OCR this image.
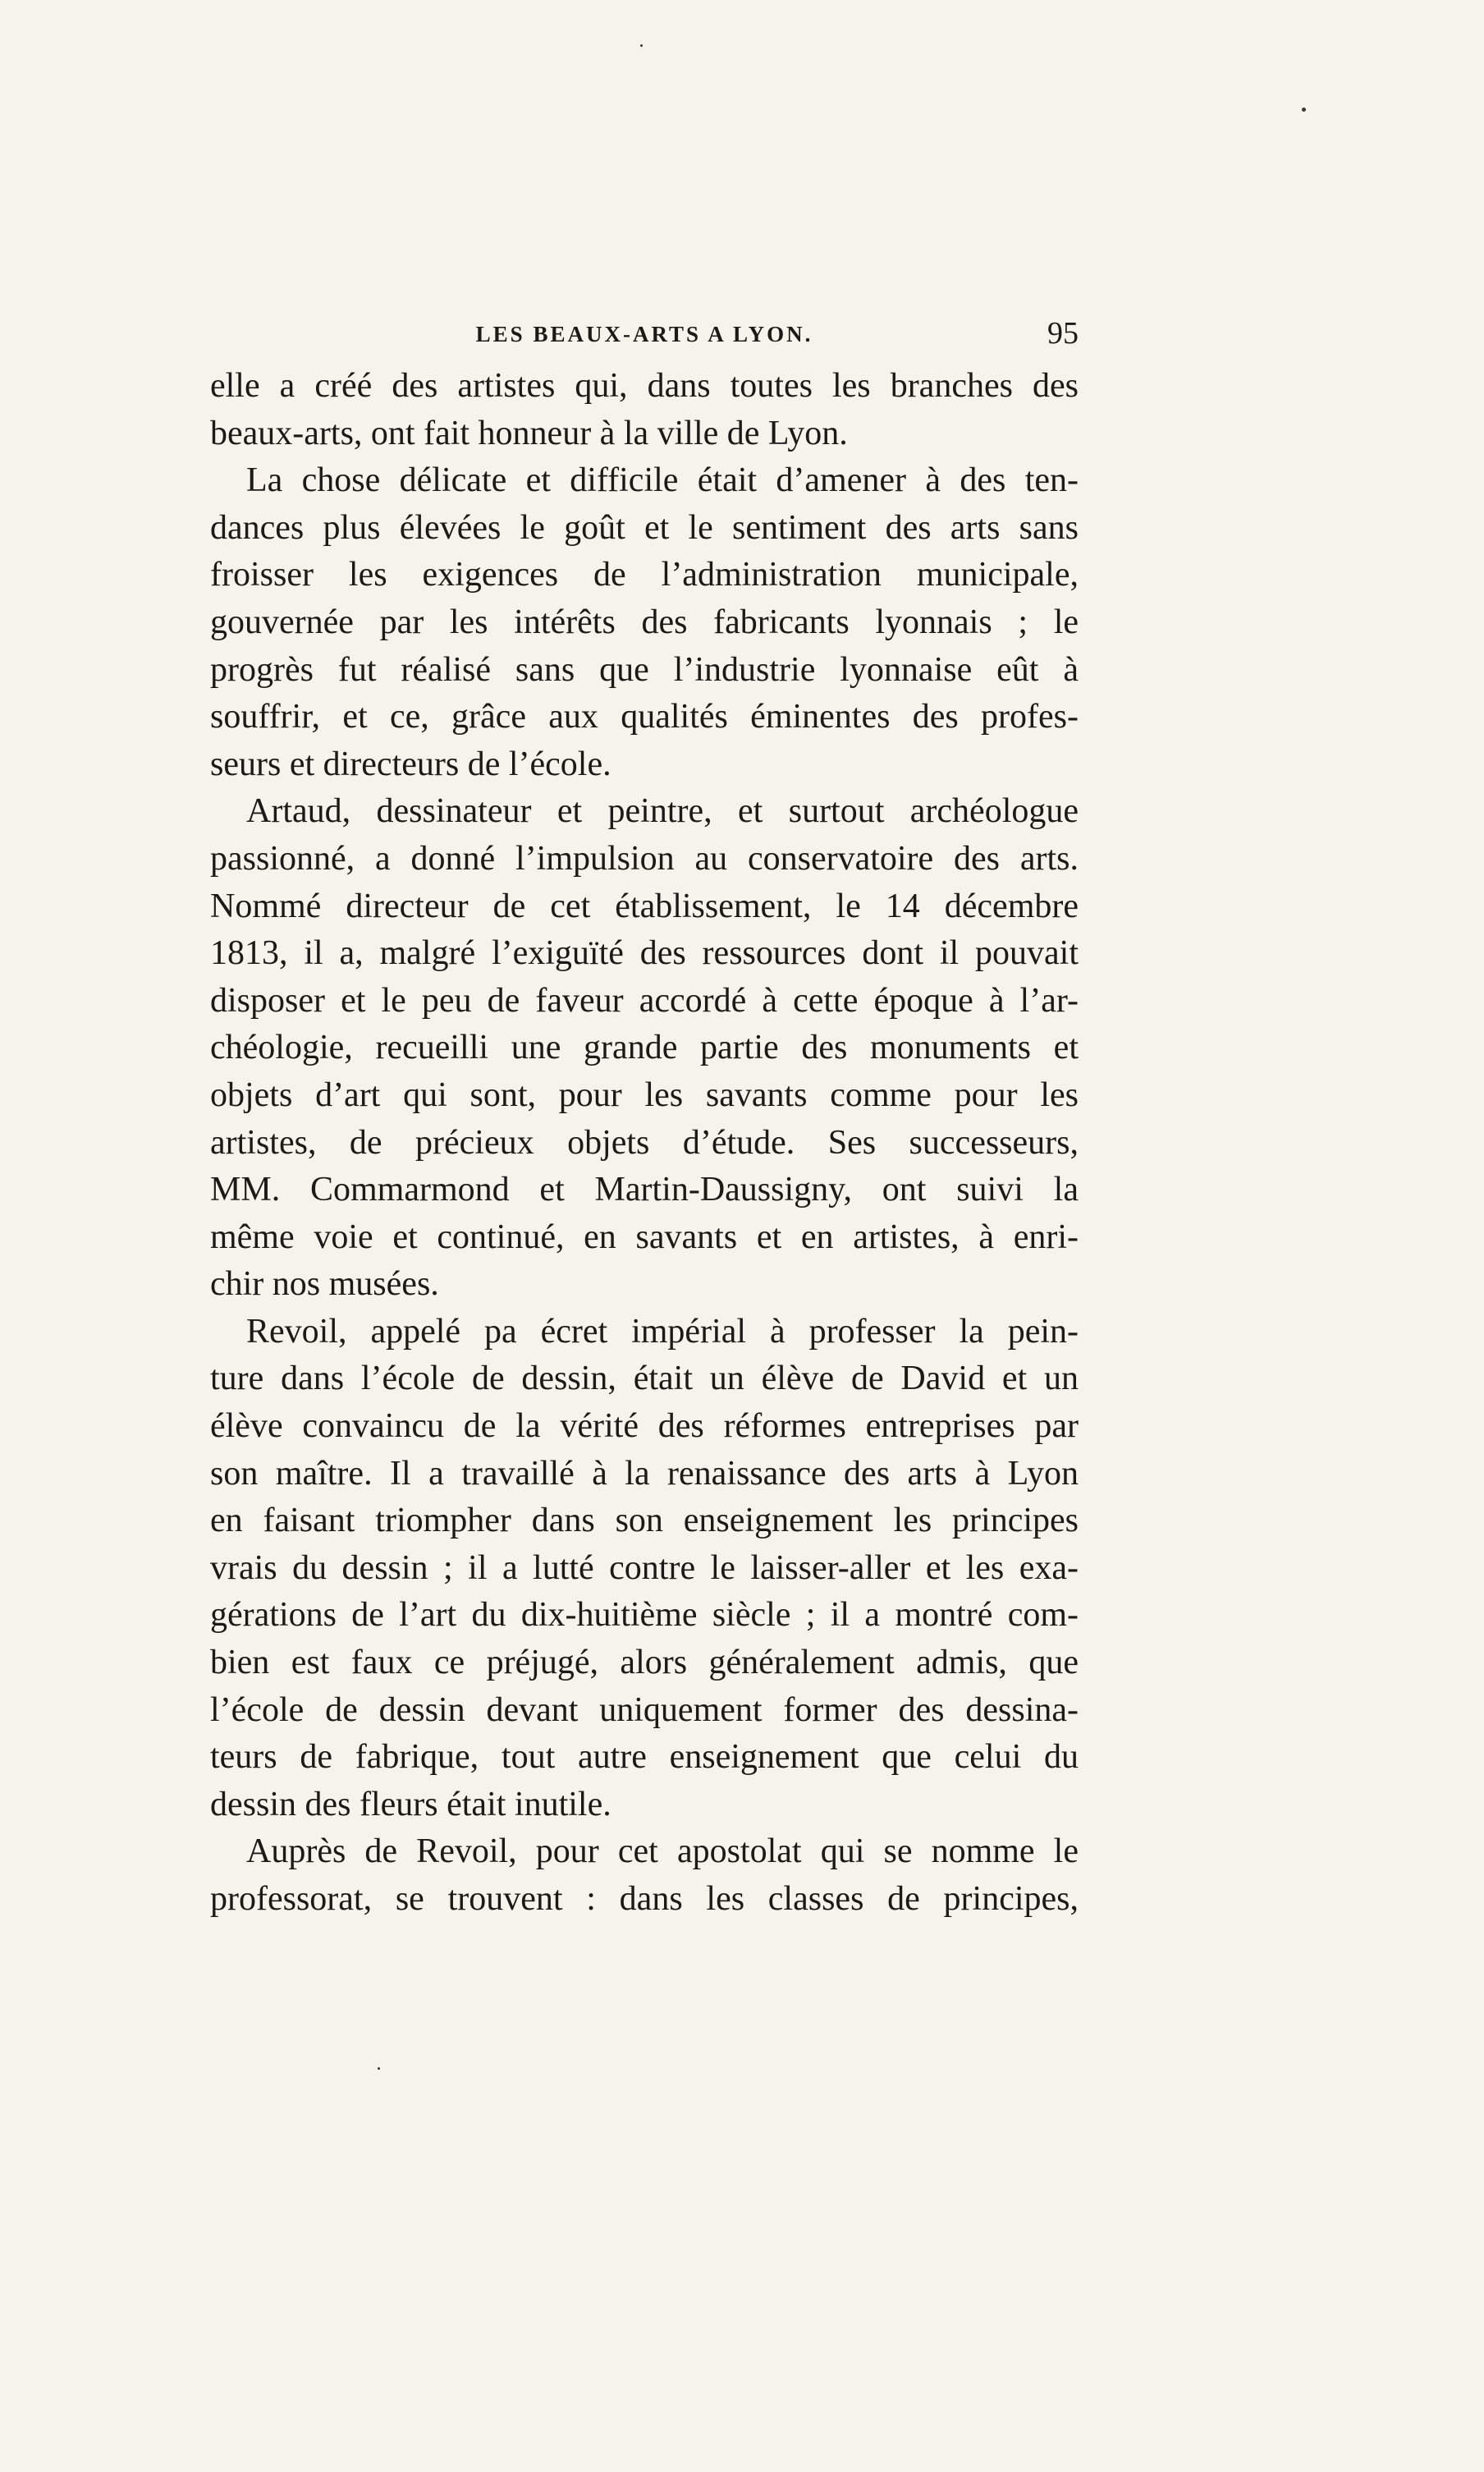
LES BEAUX-ARTS A LYON.	95
elle a créé des artistes qui, dans toutes les branches des
beaux-arts, ont fait honneur à la ville de Lyon.
La chose délicate et difficile était d’amener à des ten-
dances plus élevées le goût et le sentiment des arts sans
froisser les exigences de l’administration municipale,
gouvernée par les intérêts des fabricants lyonnais ; le
progrès fut réalisé sans que l’industrie lyonnaise eût à
souffrir, et ce, grâce aux qualités éminentes des profes-
seurs et directeurs de l’école.
Artaud, dessinateur et peintre, et surtout archéologue
passionné, a donné l’impulsion au conservatoire des arts.
Nommé directeur de cet établissement, le 14 décembre
1813, il a, malgré l’exiguïté des ressources dont il pouvait
disposer et le peu de faveur accordé à cette époque à l’ar-
chéologie, recueilli une grande partie des monuments et
objets d’art qui sont, pour les savants comme pour les
artistes, de précieux objets d’étude. Ses successeurs,
MM. Commarmond et Martin-Daussigny, ont suivi la
même voie et continué, en savants et en artistes, à enri-
chir nos musées.
Revoil, appelé pa écret impérial à professer la pein-
ture dans l’école de dessin, était un élève de David et un
élève convaincu de la vérité des réformes entreprises par
son maître. Il a travaillé à la renaissance des arts à Lyon
en faisant triompher dans son enseignement les principes
vrais du dessin ; il a lutté contre le laisser-aller et les exa-
gérations de l’art du dix-huitième siècle ; il a montré com-
bien est faux ce préjugé, alors généralement admis, que
l’école de dessin devant uniquement former des dessina-
teurs de fabrique, tout autre enseignement que celui du
dessin des fleurs était inutile.
Auprès de Revoil, pour cet apostolat qui se nomme le
professorat, se trouvent : dans les classes de principes,
